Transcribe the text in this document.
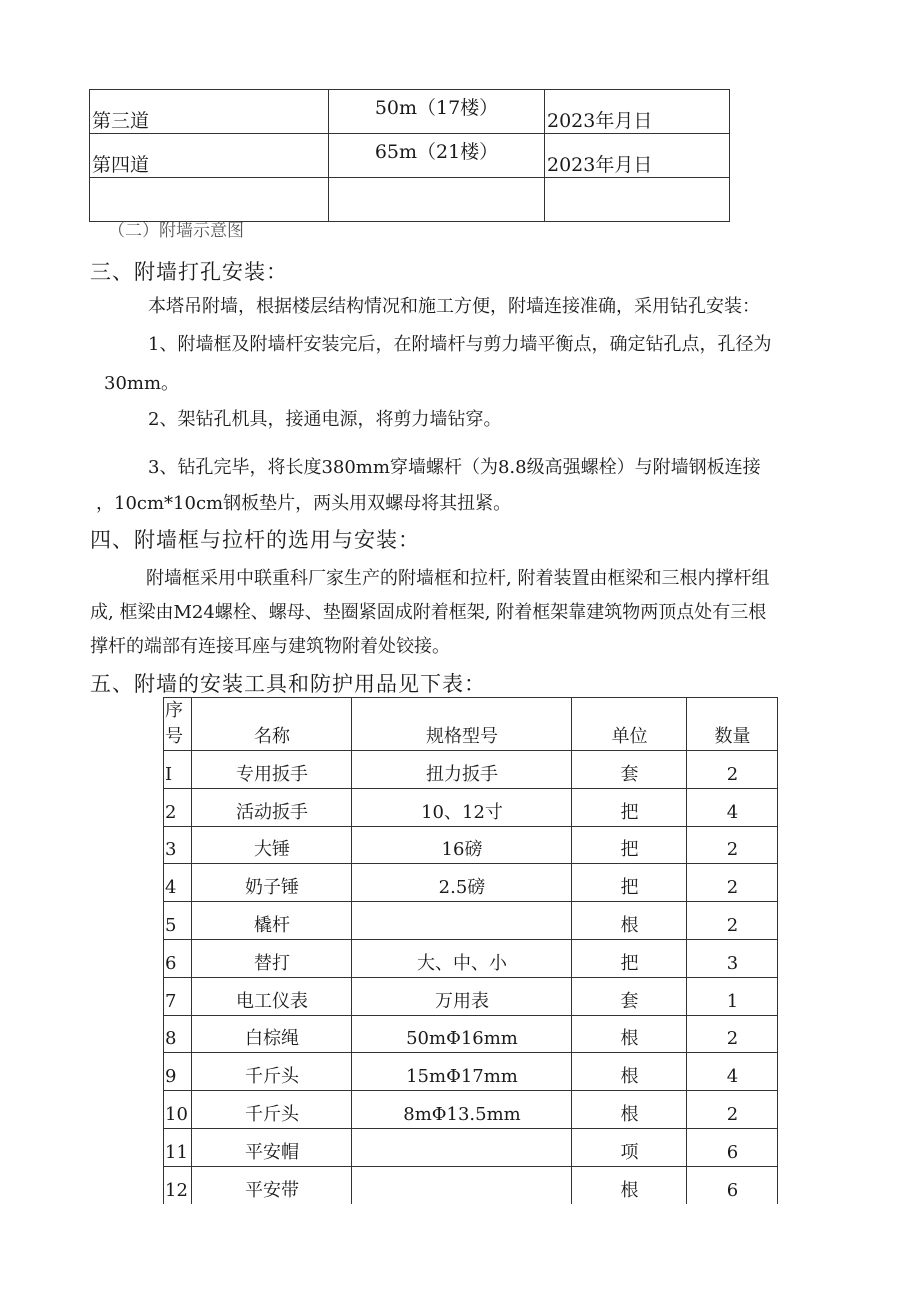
第三道	50m（17楼）	2023年月日
第四道	65m（21楼）	2023年月日

（二）附墙示意图
三、附墙打孔安装：
本塔吊附墙，根据楼层结构情况和施工方便，附墙连接准确，采用钻孔安装：
1、附墙框及附墙杆安装完后，在附墙杆与剪力墙平衡点，确定钻孔点，孔径为
30mm。
2、架钻孔机具，接通电源，将剪力墙钻穿。
3、钻孔完毕，将长度380mm穿墙螺杆（为8.8级高强螺栓）与附墙钢板连接
，10cm*10cm钢板垫片，两头用双螺母将其扭紧。
四、附墙框与拉杆的选用与安装：
附墙框采用中联重科厂家生产的附墙框和拉杆, 附着装置由框梁和三根内撑杆组
成, 框梁由M24螺栓、螺母、垫圈紧固成附着框架, 附着框架靠建筑物两顶点处有三根
撑杆的端部有连接耳座与建筑物附着处铰接。
五、附墙的安装工具和防护用品见下表：
序号	名称	规格型号	单位	数量
I	专用扳手	扭力扳手	套	2
2	活动扳手	10、12寸	把	4
3	大锤	16磅	把	2
4	奶子锤	2.5磅	把	2
5	橇杆		根	2
6	替打	大、中、小	把	3
7	电工仪表	万用表	套	1
8	白棕绳	50mΦ16mm	根	2
9	千斤头	15mΦ17mm	根	4
10	千斤头	8mΦ13.5mm	根	2
11	平安帽		项	6
12	平安带		根	6
